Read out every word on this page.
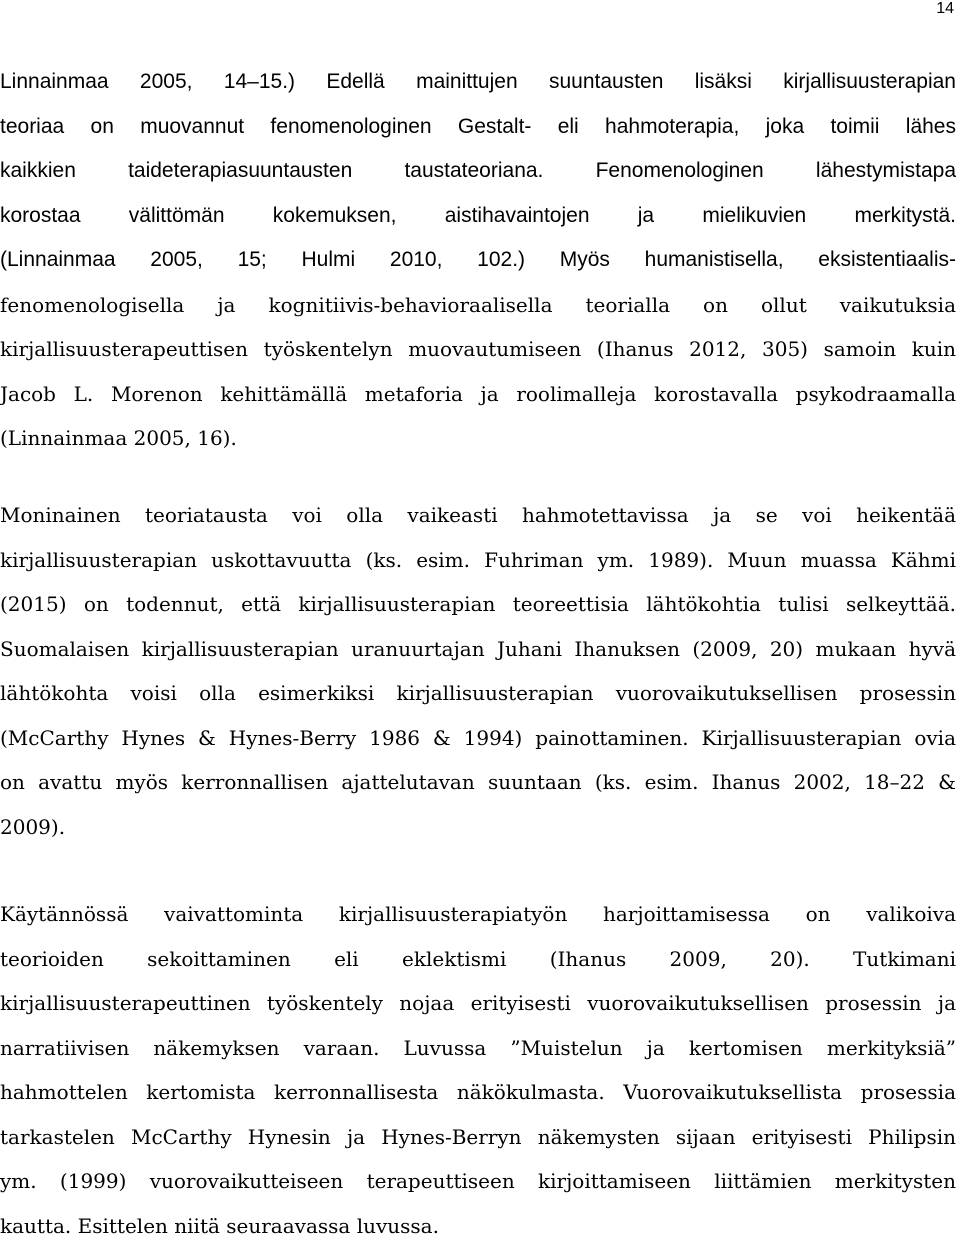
14
Linnainmaa 2005, 14–15.) Edellä mainittujen suuntausten lisäksi kirjallisuusterapian
teoriaa on muovannut fenomenologinen Gestalt- eli hahmoterapia, joka toimii lähes
kaikkien taideterapiasuuntausten taustateoriana. Fenomenologinen lähestymistapa
korostaa välittömän kokemuksen, aistihavaintojen ja mielikuvien merkitystä.
(Linnainmaa 2005, 15; Hulmi 2010, 102.) Myös humanistisella, eksistentiaalis-
fenomenologisella ja kognitiivis-behavioraalisella teorialla on ollut vaikutuksia
kirjallisuusterapeuttisen työskentelyn muovautumiseen (Ihanus 2012, 305) samoin kuin
Jacob L. Morenon kehittämällä metaforia ja roolimalleja korostavalla psykodraamalla
(Linnainmaa 2005, 16).
Moninainen teoriatausta voi olla vaikeasti hahmotettavissa ja se voi heikentää
kirjallisuusterapian uskottavuutta (ks. esim. Fuhriman ym. 1989). Muun muassa Kähmi
(2015) on todennut, että kirjallisuusterapian teoreettisia lähtökohtia tulisi selkeyttää.
Suomalaisen kirjallisuusterapian uranuurtajan Juhani Ihanuksen (2009, 20) mukaan hyvä
lähtökohta voisi olla esimerkiksi kirjallisuusterapian vuorovaikutuksellisen prosessin
(McCarthy Hynes & Hynes-Berry 1986 & 1994) painottaminen. Kirjallisuusterapian ovia
on avattu myös kerronnallisen ajattelutavan suuntaan (ks. esim. Ihanus 2002, 18–22 &
2009).
Käytännössä vaivattominta kirjallisuusterapiatyön harjoittamisessa on valikoiva
teorioiden sekoittaminen eli eklektismi (Ihanus 2009, 20). Tutkimani
kirjallisuusterapeuttinen työskentely nojaa erityisesti vuorovaikutuksellisen prosessin ja
narratiivisen näkemyksen varaan. Luvussa ”Muistelun ja kertomisen merkityksiä”
hahmottelen kertomista kerronnallisesta näkökulmasta. Vuorovaikutuksellista prosessia
tarkastelen McCarthy Hynesin ja Hynes-Berryn näkemysten sijaan erityisesti Philipsin
ym. (1999) vuorovaikutteiseen terapeuttiseen kirjoittamiseen liittämien merkitysten
kautta. Esittelen niitä seuraavassa luvussa.
